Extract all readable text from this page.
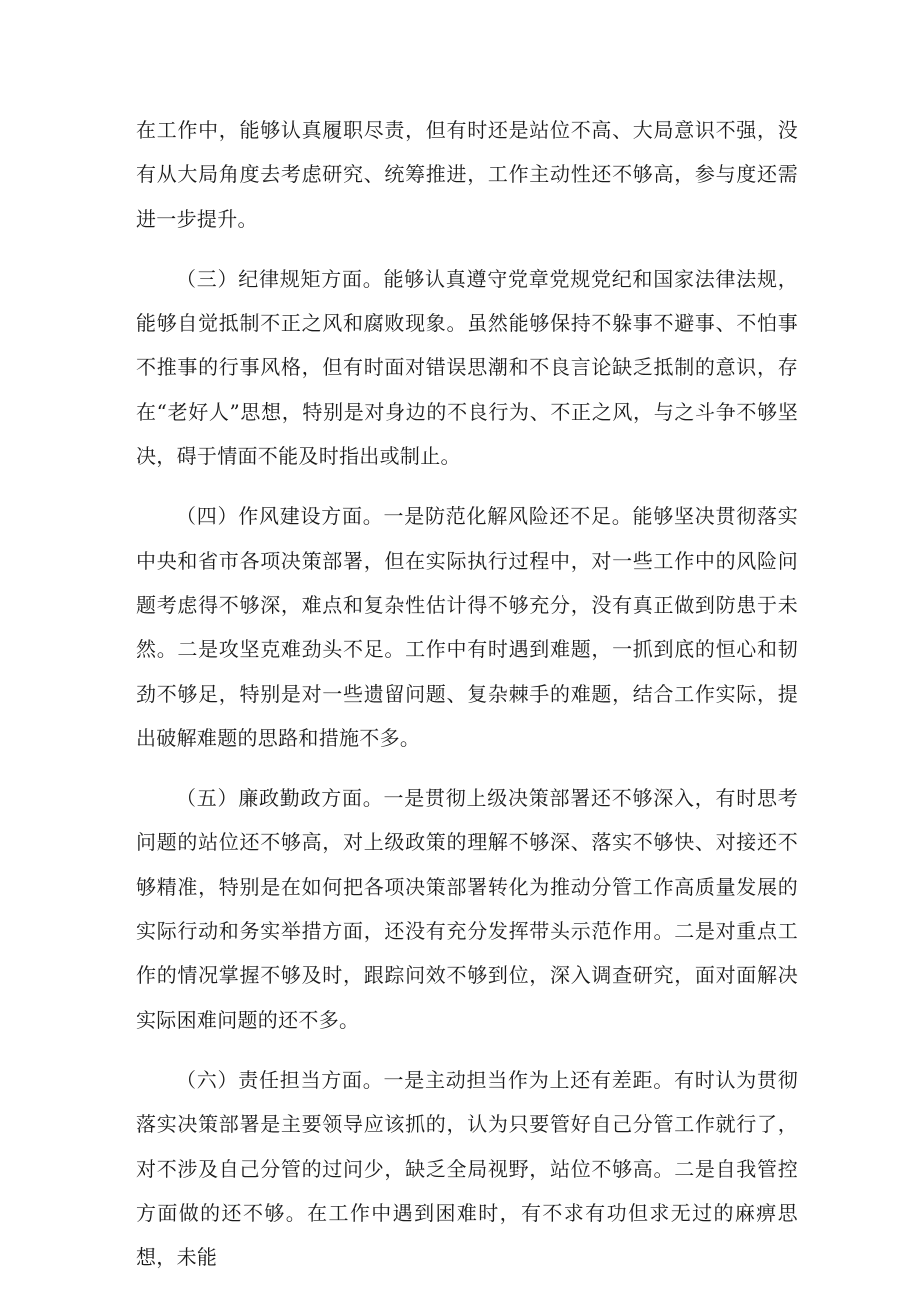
在工作中，能够认真履职尽责，但有时还是站位不高、大局意识不强，没有从大局角度去考虑研究、统筹推进，工作主动性还不够高，参与度还需进一步提升。

（三）纪律规矩方面。能够认真遵守党章党规党纪和国家法律法规，能够自觉抵制不正之风和腐败现象。虽然能够保持不躲事不避事、不怕事不推事的行事风格，但有时面对错误思潮和不良言论缺乏抵制的意识，存在“老好人”思想，特别是对身边的不良行为、不正之风，与之斗争不够坚决，碍于情面不能及时指出或制止。

（四）作风建设方面。一是防范化解风险还不足。能够坚决贯彻落实中央和省市各项决策部署，但在实际执行过程中，对一些工作中的风险问题考虑得不够深，难点和复杂性估计得不够充分，没有真正做到防患于未然。二是攻坚克难劲头不足。工作中有时遇到难题，一抓到底的恒心和韧劲不够足，特别是对一些遗留问题、复杂棘手的难题，结合工作实际，提出破解难题的思路和措施不多。

（五）廉政勤政方面。一是贯彻上级决策部署还不够深入，有时思考问题的站位还不够高，对上级政策的理解不够深、落实不够快、对接还不够精准，特别是在如何把各项决策部署转化为推动分管工作高质量发展的实际行动和务实举措方面，还没有充分发挥带头示范作用。二是对重点工作的情况掌握不够及时，跟踪问效不够到位，深入调查研究，面对面解决实际困难问题的还不多。

（六）责任担当方面。一是主动担当作为上还有差距。有时认为贯彻落实决策部署是主要领导应该抓的，认为只要管好自己分管工作就行了，对不涉及自己分管的过问少，缺乏全局视野，站位不够高。二是自我管控方面做的还不够。在工作中遇到困难时，有不求有功但求无过的麻痹思想，未能
